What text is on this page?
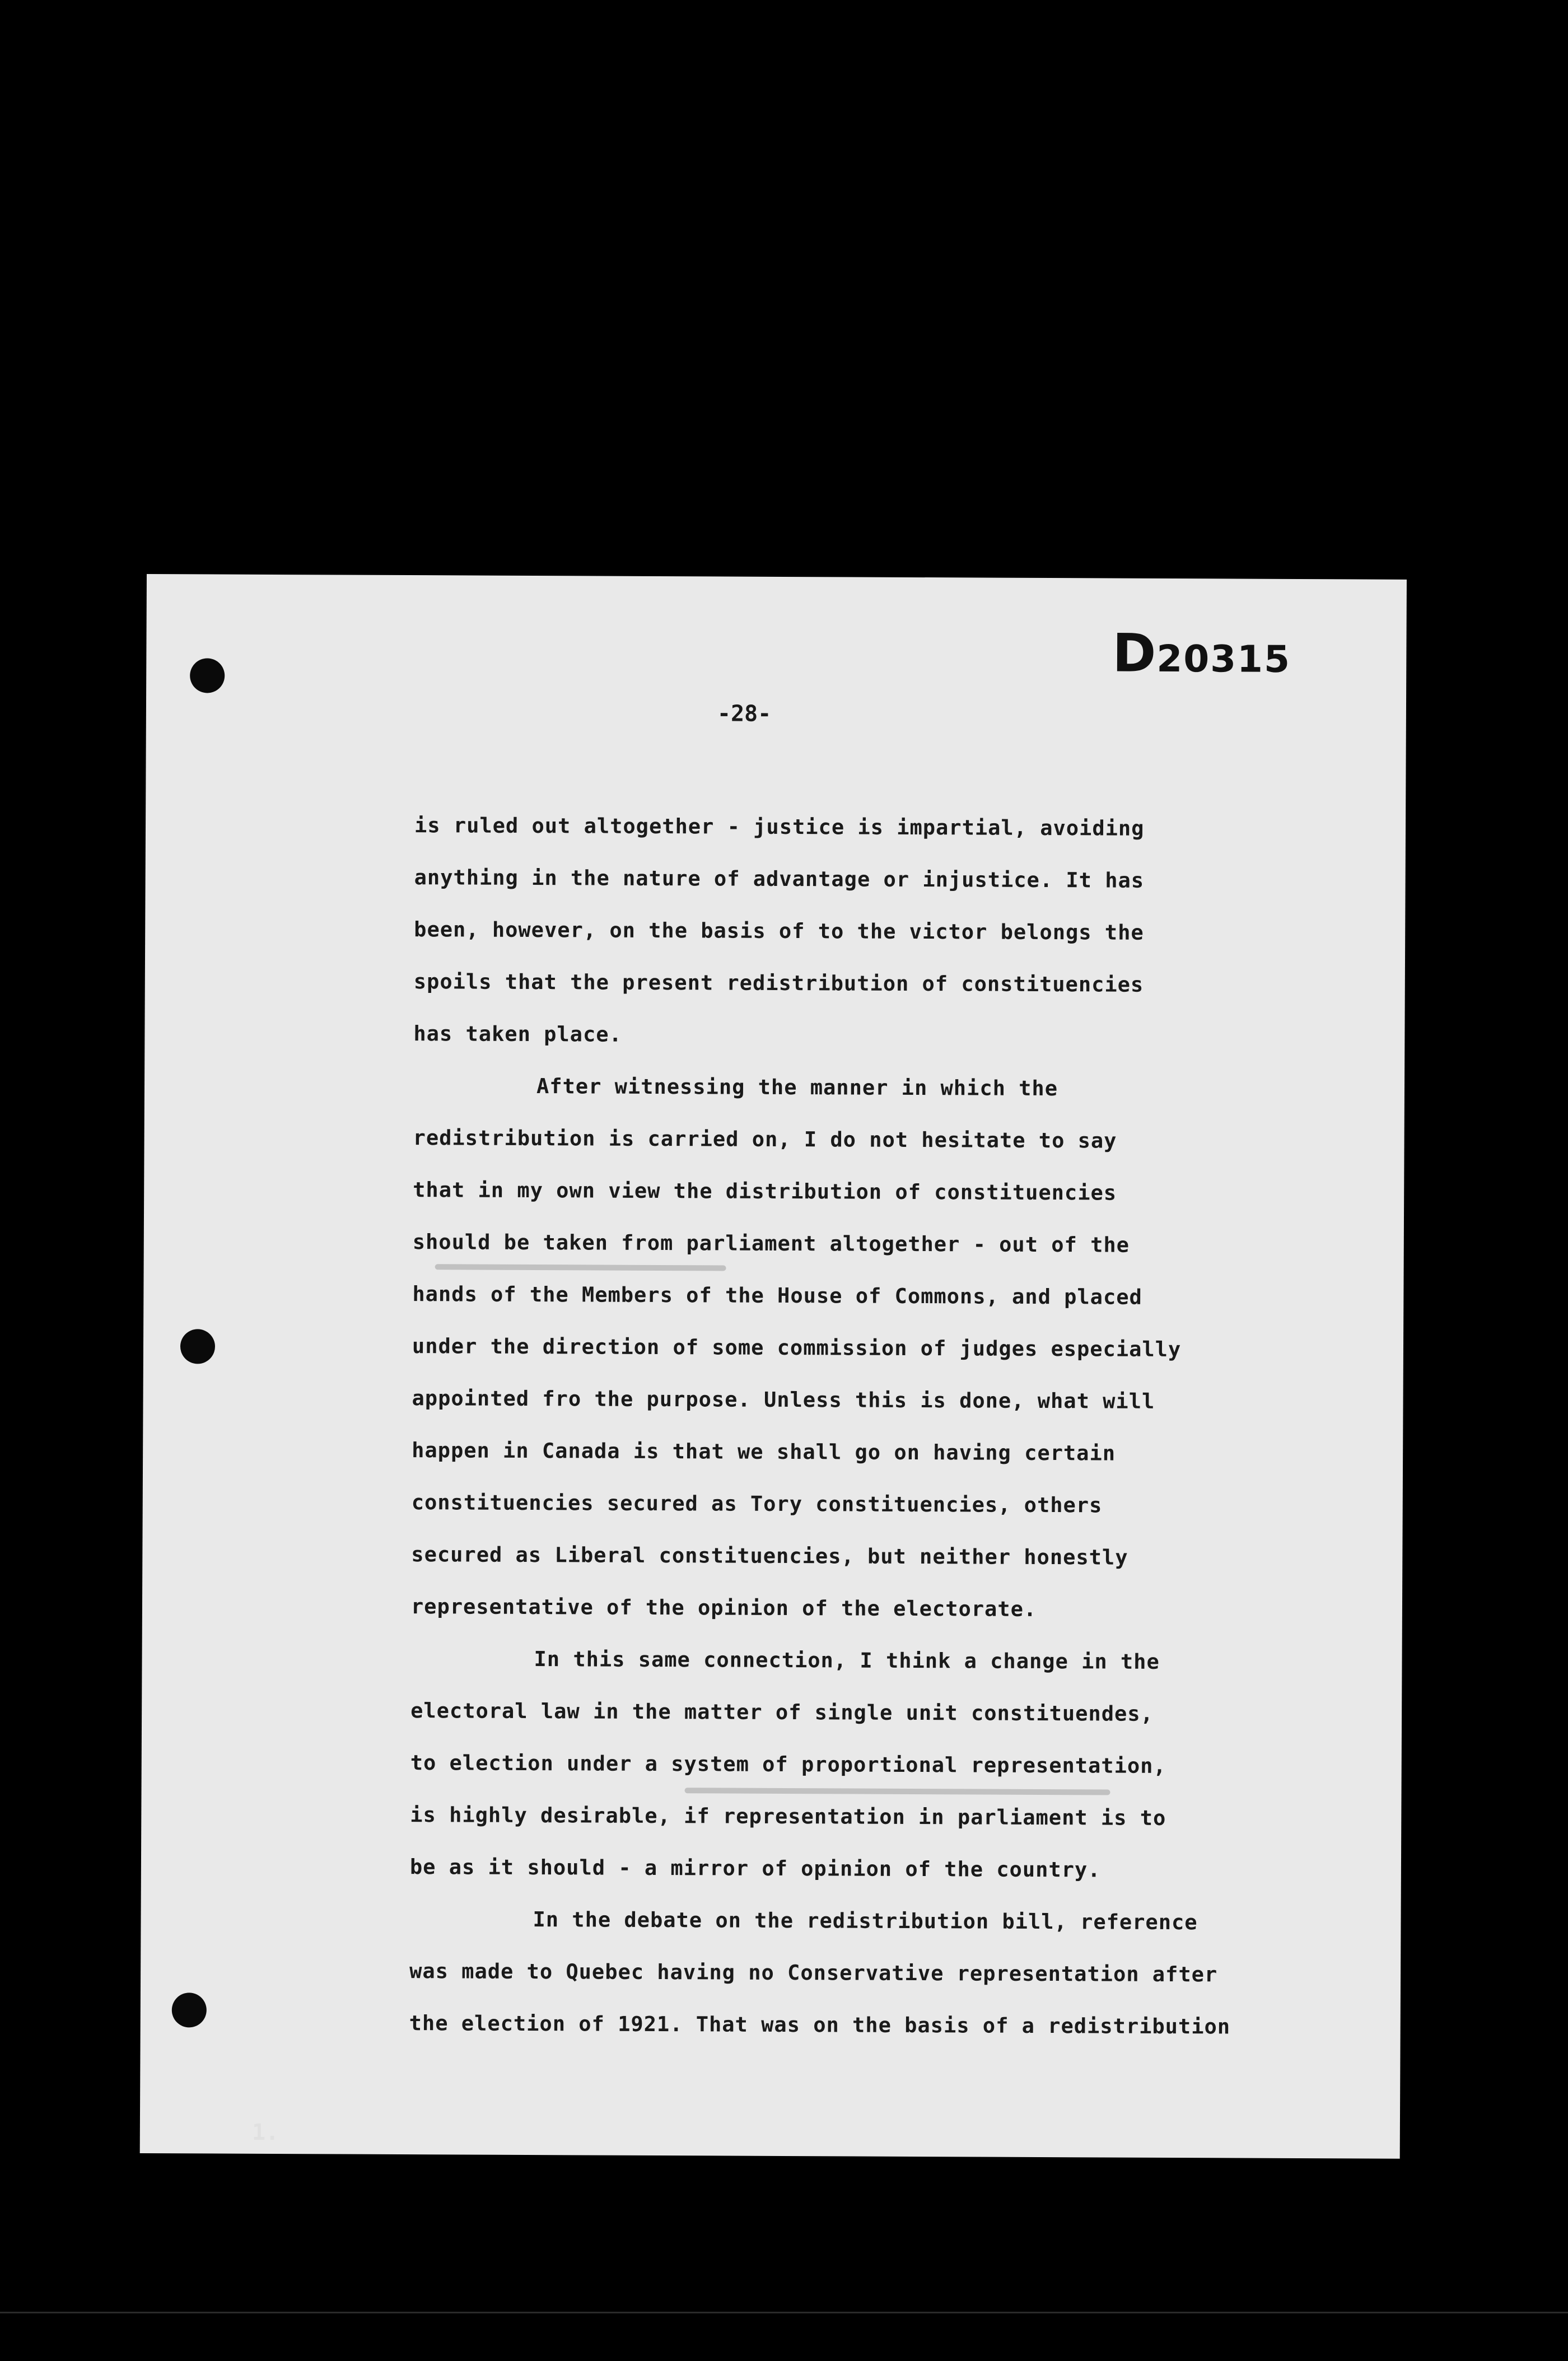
D20315
-28-
is ruled out altogether - justice is impartial, avoiding
anything in the nature of advantage or injustice. It has
been, however, on the basis of to the victor belongs the
spoils that the present redistribution of constituencies
has taken place.
After witnessing the manner in which the
redistribution is carried on, I do not hesitate to say
that in my own view the distribution of constituencies
should be taken from parliament altogether - out of the
hands of the Members of the House of Commons, and placed
under the direction of some commission of judges especially
appointed fro the purpose. Unless this is done, what will
happen in Canada is that we shall go on having certain
constituencies secured as Tory constituencies, others
secured as Liberal constituencies, but neither honestly
representative of the opinion of the electorate.
In this same connection, I think a change in the
electoral law in the matter of single unit constituendes,
to election under a system of proportional representation,
is highly desirable, if representation in parliament is to
be as it should - a mirror of opinion of the country.
In the debate on the redistribution bill, reference
was made to Quebec having no Conservative representation after
the election of 1921. That was on the basis of a redistribution
1.
